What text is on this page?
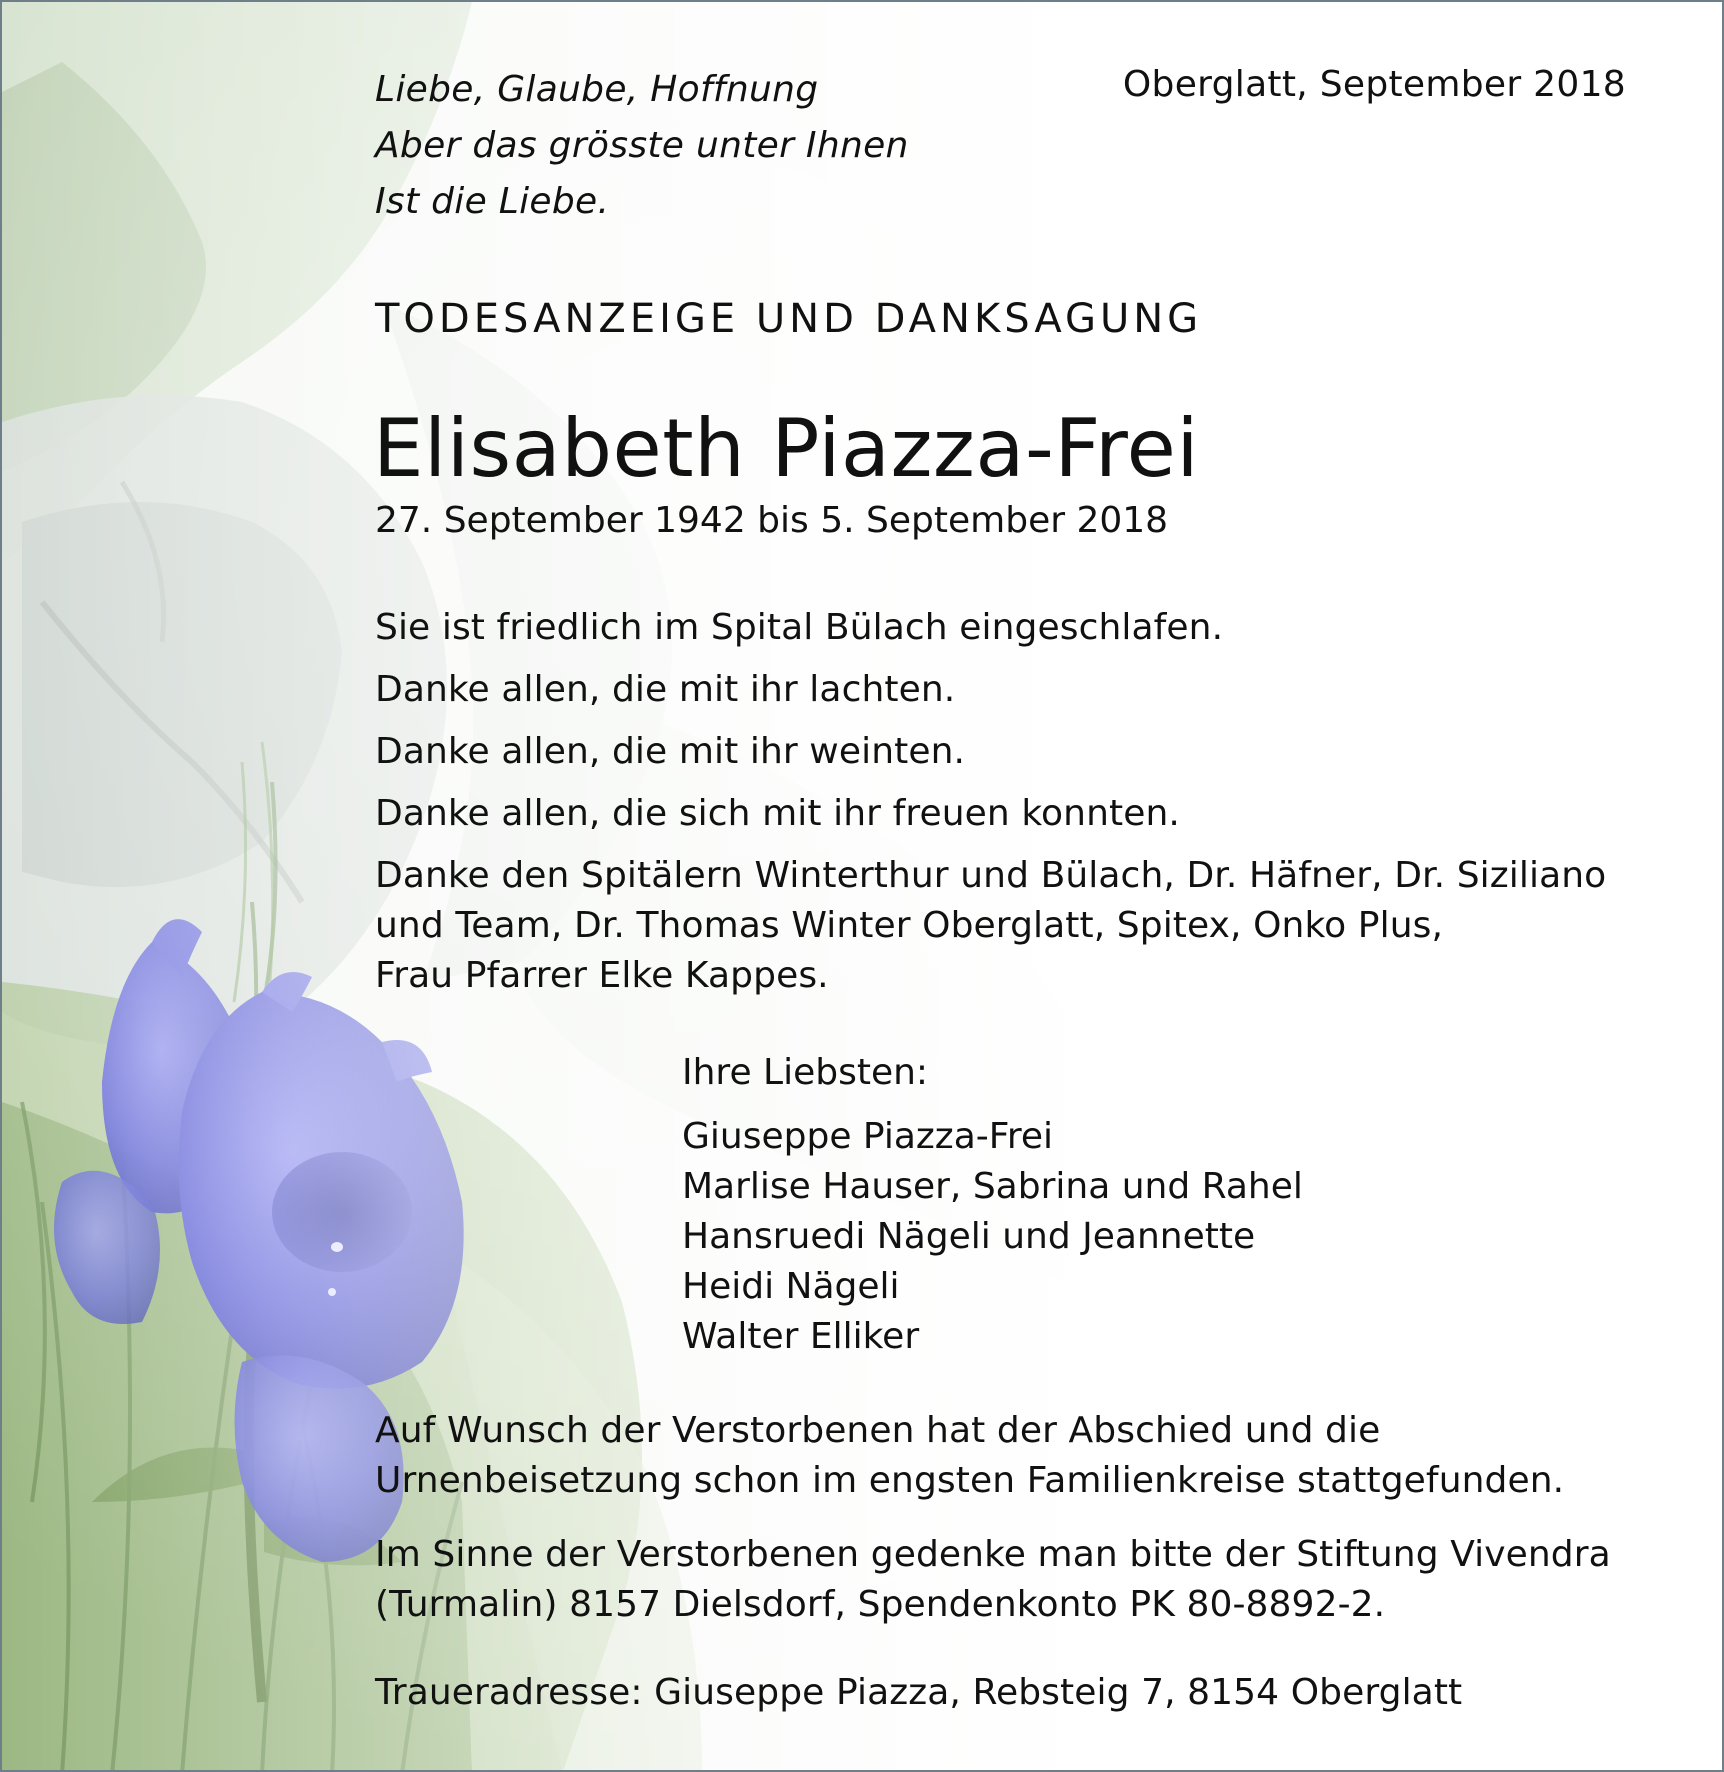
Liebe, Glaube, Hoffnung
Aber das grösste unter Ihnen
Ist die Liebe.
Oberglatt, September 2018
TODESANZEIGE UND DANKSAGUNG
Elisabeth Piazza-Frei
27. September 1942 bis 5. September 2018
Sie ist friedlich im Spital Bülach eingeschlafen.
Danke allen, die mit ihr lachten.
Danke allen, die mit ihr weinten.
Danke allen, die sich mit ihr freuen konnten.
Danke den Spitälern Winterthur und Bülach, Dr. Häfner, Dr. Siziliano
und Team, Dr. Thomas Winter Oberglatt, Spitex, Onko Plus,
Frau Pfarrer Elke Kappes.
Ihre Liebsten:
Giuseppe Piazza-Frei
Marlise Hauser, Sabrina und Rahel
Hansruedi Nägeli und Jeannette
Heidi Nägeli
Walter Elliker
Auf Wunsch der Verstorbenen hat der Abschied und die
Urnenbeisetzung schon im engsten Familienkreise stattgefunden.
Im Sinne der Verstorbenen gedenke man bitte der Stiftung Vivendra
(Turmalin) 8157 Dielsdorf, Spendenkonto PK 80-8892-2.
Traueradresse: Giuseppe Piazza, Rebsteig 7, 8154 Oberglatt
